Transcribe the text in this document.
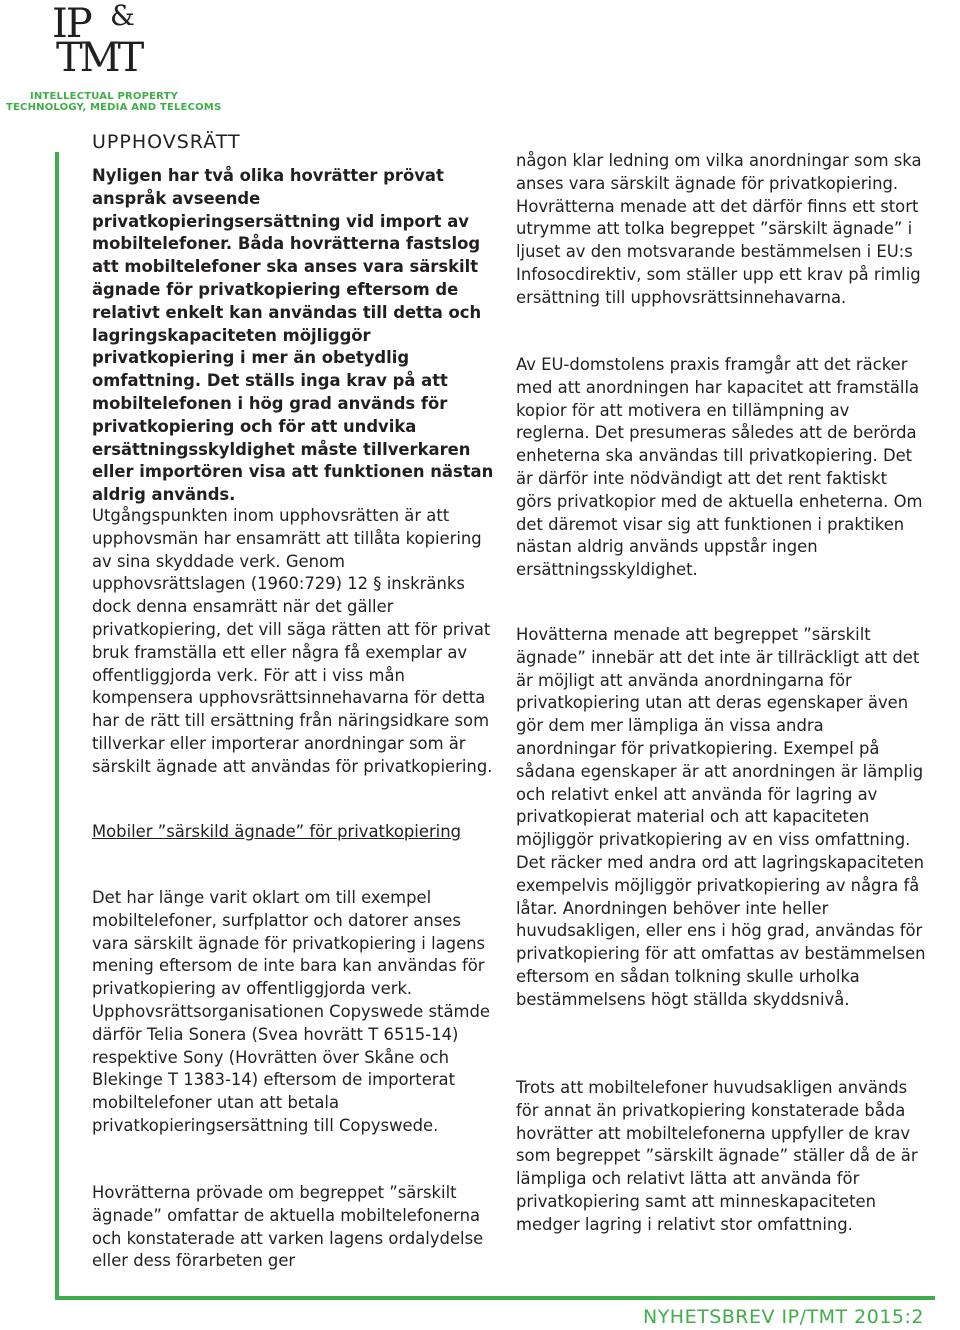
IP &
TMT
INTELLECTUAL PROPERTY
TECHNOLOGY, MEDIA AND TELECOMS
UPPHOVSRÄTT

Nyligen har två olika hovrätter prövat anspråk avseende privatkopieringsersättning vid import av mobiltelefoner. Båda hovrätterna fastslog att mobiltelefoner ska anses vara särskilt ägnade för privatkopiering eftersom de relativt enkelt kan användas till detta och lagringskapaciteten möjliggör privatkopiering i mer än obetydlig omfattning. Det ställs inga krav på att mobiltelefonen i hög grad används för privatkopiering och för att undvika ersättningsskyldighet måste tillverkaren eller importören visa att funktionen nästan aldrig används.

Utgångspunkten inom upphovsrätten är att upphovsmän har ensamrätt att tillåta kopiering av sina skyddade verk. Genom upphovsrättslagen (1960:729) 12 § inskränks dock denna ensamrätt när det gäller privatkopiering, det vill säga rätten att för privat bruk framställa ett eller några få exemplar av offentliggjorda verk. För att i viss mån kompensera upphovsrättsinnehavarna för detta har de rätt till ersättning från näringsidkare som tillverkar eller importerar anordningar som är särskilt ägnade att användas för privatkopiering.

Mobiler ”särskild ägnade” för privatkopiering

Det har länge varit oklart om till exempel mobiltelefoner, surfplattor och datorer anses vara särskilt ägnade för privatkopiering i lagens mening eftersom de inte bara kan användas för privatkopiering av offentliggjorda verk. Upphovsrättsorganisationen Copyswede stämde därför Telia Sonera (Svea hovrätt T 6515-14) respektive Sony (Hovrätten över Skåne och Blekinge T 1383-14) eftersom de importerat mobiltelefoner utan att betala privatkopieringsersättning till Copyswede.

Hovrätterna prövade om begreppet ”särskilt ägnade” omfattar de aktuella mobiltelefonerna och konstaterade att varken lagens ordalydelse eller dess förarbeten ger

någon klar ledning om vilka anordningar som ska anses vara särskilt ägnade för privatkopiering. Hovrätterna menade att det därför finns ett stort utrymme att tolka begreppet ”särskilt ägnade” i ljuset av den motsvarande bestämmelsen i EU:s Infosocdirektiv, som ställer upp ett krav på rimlig ersättning till upphovsrättsinnehavarna.

Av EU-domstolens praxis framgår att det räcker med att anordningen har kapacitet att framställa kopior för att motivera en tillämpning av reglerna. Det presumeras således att de berörda enheterna ska användas till privatkopiering. Det är därför inte nödvändigt att det rent faktiskt görs privatkopior med de aktuella enheterna. Om det däremot visar sig att funktionen i praktiken nästan aldrig används uppstår ingen ersättningsskyldighet.

Hovätterna menade att begreppet ”särskilt ägnade” innebär att det inte är tillräckligt att det är möjligt att använda anordningarna för privatkopiering utan att deras egenskaper även gör dem mer lämpliga än vissa andra anordningar för privatkopiering. Exempel på sådana egenskaper är att anordningen är lämplig och relativt enkel att använda för lagring av privatkopierat material och att kapaciteten möjliggör privatkopiering av en viss omfattning. Det räcker med andra ord att lagringskapaciteten exempelvis möjliggör privatkopiering av några få låtar. Anordningen behöver inte heller huvudsakligen, eller ens i hög grad, användas för privatkopiering för att omfattas av bestämmelsen eftersom en sådan tolkning skulle urholka bestämmelsens högt ställda skyddsnivå.

Trots att mobiltelefoner huvudsakligen används för annat än privatkopiering konstaterade båda hovrätter att mobiltelefonerna uppfyller de krav som begreppet ”särskilt ägnade” ställer då de är lämpliga och relativt lätta att använda för privatkopiering samt att minneskapaciteten medger lagring i relativt stor omfattning.

NYHETSBREV IP/TMT 2015:2
